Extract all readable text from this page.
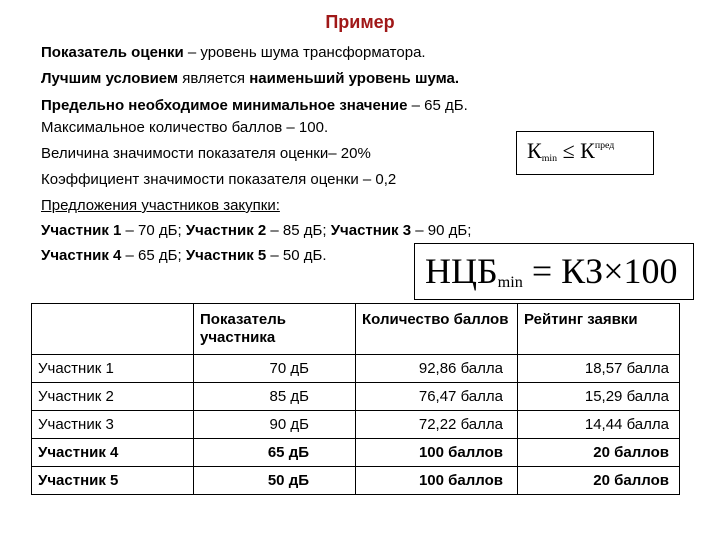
Пример
Показатель оценки – уровень шума трансформатора.
Лучшим условием является наименьший уровень шума.
Предельно необходимое минимальное значение – 65 дБ.
Максимальное количество баллов – 100.
Величина значимости показателя оценки– 20%
Коэффициент значимости показателя оценки – 0,2
Предложения участников закупки:
Участник 1 – 70 дБ; Участник 2 – 85 дБ; Участник 3 – 90 дБ;
Участник 4 – 65 дБ; Участник 5 – 50 дБ.
$К_{min} \le К^{пред}$
$НЦБ_{min} = КЗ\times 100$
	Показатель участника	Количество баллов	Рейтинг заявки
Участник 1	70 дБ	92,86 балла	18,57 балла
Участник 2	85 дБ	76,47 балла	15,29 балла
Участник 3	90 дБ	72,22 балла	14,44 балла
Участник 4	65 дБ	100 баллов	20 баллов
Участник 5	50 дБ	100 баллов	20 баллов
